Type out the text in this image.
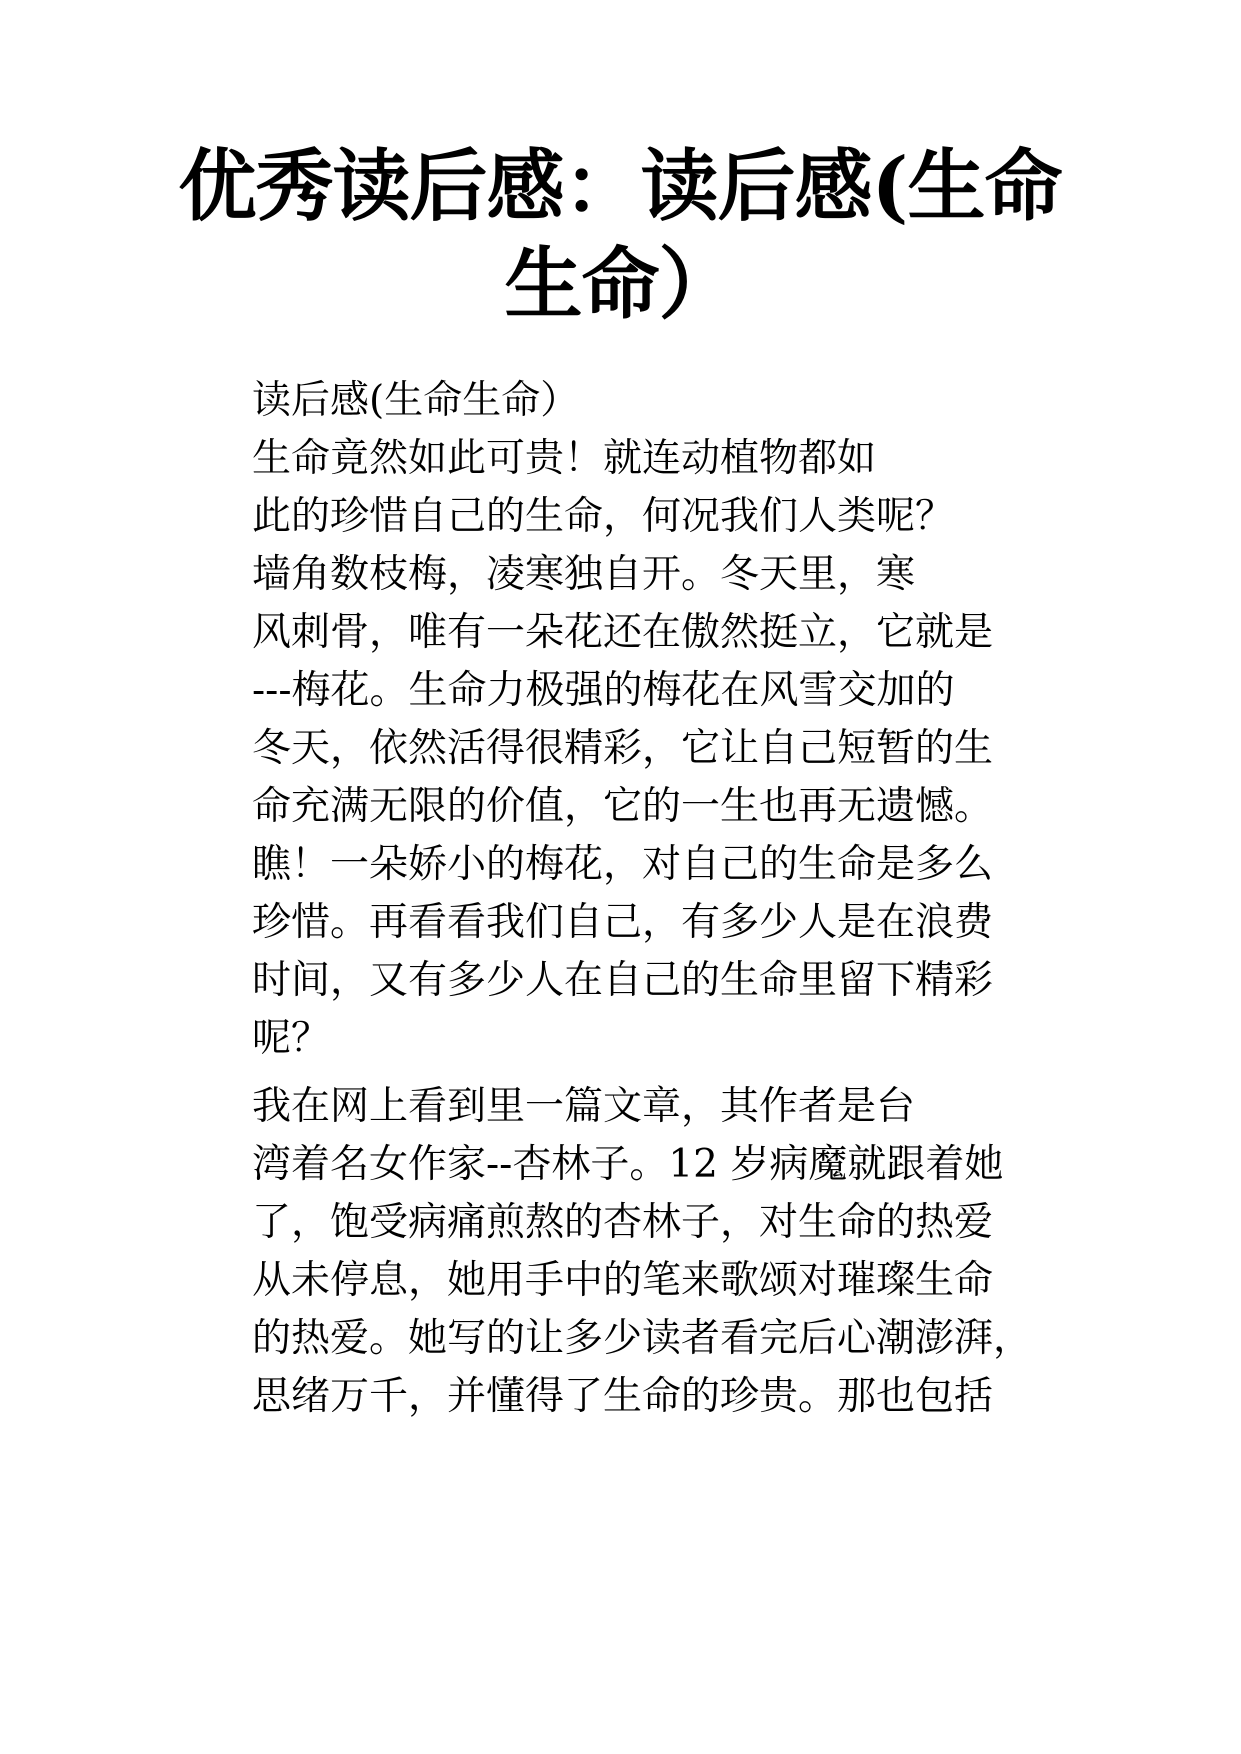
优秀读后感：读后感(生命
生命）

读后感(生命生命）

生命竟然如此可贵！就连动植物都如
此的珍惜自己的生命，何况我们人类呢？

墙角数枝梅，凌寒独自开。冬天里，寒
风刺骨，唯有一朵花还在傲然挺立，它就是
---梅花。生命力极强的梅花在风雪交加的
冬天，依然活得很精彩，它让自己短暂的生
命充满无限的价值，它的一生也再无遗憾。
瞧！一朵娇小的梅花，对自己的生命是多么
珍惜。再看看我们自己，有多少人是在浪费
时间，又有多少人在自己的生命里留下精彩
呢？

我在网上看到里一篇文章，其作者是台
湾着名女作家--杏林子。12 岁病魔就跟着她
了，饱受病痛煎熬的杏林子，对生命的热爱
从未停息，她用手中的笔来歌颂对璀璨生命
的热爱。她写的让多少读者看完后心潮澎湃，
思绪万千，并懂得了生命的珍贵。那也包括
